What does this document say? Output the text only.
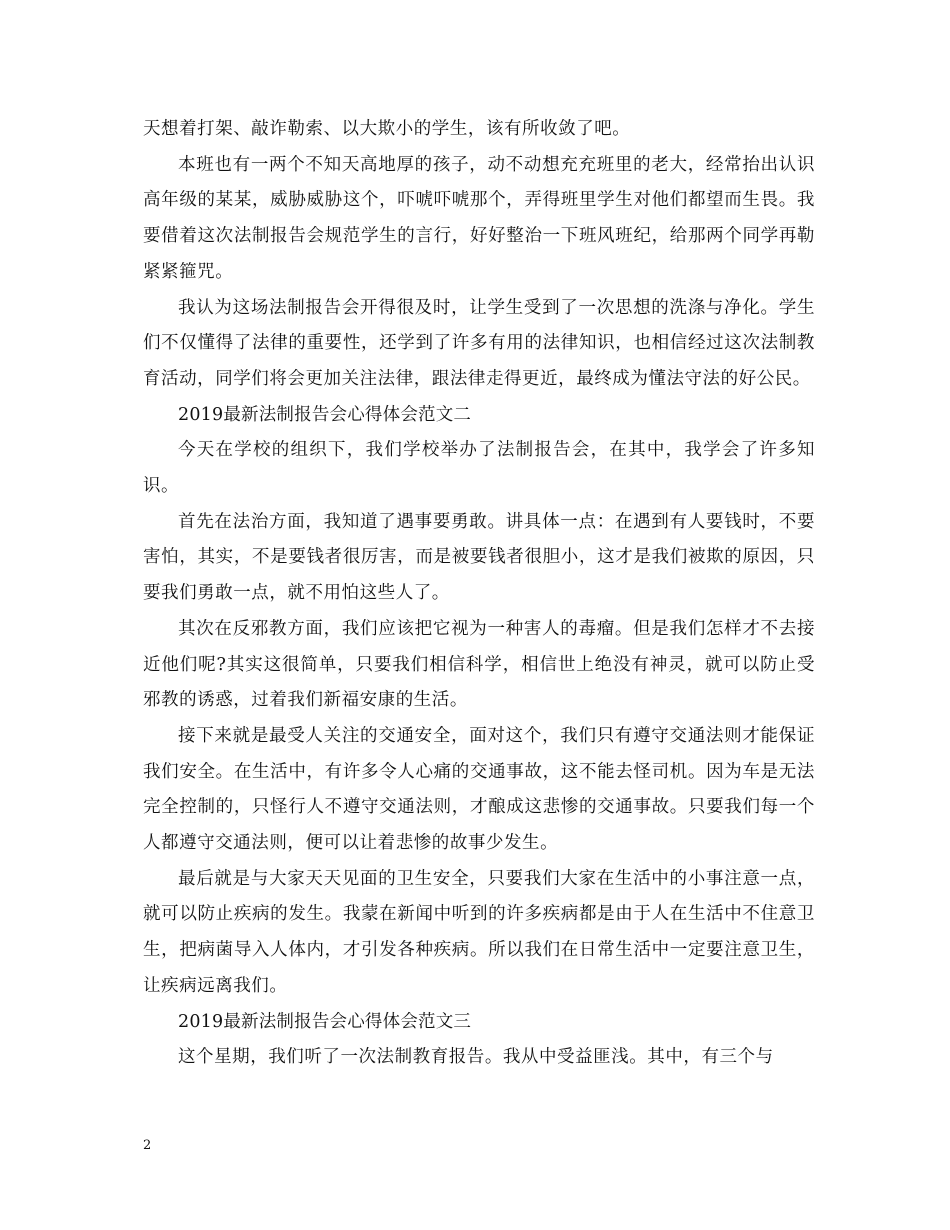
天想着打架、敲诈勒索、以大欺小的学生，该有所收敛了吧。

本班也有一两个不知天高地厚的孩子，动不动想充充班里的老大，经常抬出认识高年级的某某，威胁威胁这个，吓唬吓唬那个，弄得班里学生对他们都望而生畏。我要借着这次法制报告会规范学生的言行，好好整治一下班风班纪，给那两个同学再勒紧紧箍咒。

我认为这场法制报告会开得很及时，让学生受到了一次思想的洗涤与净化。学生们不仅懂得了法律的重要性，还学到了许多有用的法律知识，也相信经过这次法制教育活动，同学们将会更加关注法律，跟法律走得更近，最终成为懂法守法的好公民。

2019最新法制报告会心得体会范文二

今天在学校的组织下，我们学校举办了法制报告会，在其中，我学会了许多知识。

首先在法治方面，我知道了遇事要勇敢。讲具体一点：在遇到有人要钱时，不要害怕，其实，不是要钱者很厉害，而是被要钱者很胆小，这才是我们被欺的原因，只要我们勇敢一点，就不用怕这些人了。

其次在反邪教方面，我们应该把它视为一种害人的毒瘤。但是我们怎样才不去接近他们呢?其实这很简单，只要我们相信科学，相信世上绝没有神灵，就可以防止受邪教的诱惑，过着我们新福安康的生活。

接下来就是最受人关注的交通安全，面对这个，我们只有遵守交通法则才能保证我们安全。在生活中，有许多令人心痛的交通事故，这不能去怪司机。因为车是无法完全控制的，只怪行人不遵守交通法则，才酿成这悲惨的交通事故。只要我们每一个人都遵守交通法则，便可以让着悲惨的故事少发生。

最后就是与大家天天见面的卫生安全，只要我们大家在生活中的小事注意一点，就可以防止疾病的发生。我蒙在新闻中听到的许多疾病都是由于人在生活中不住意卫生，把病菌导入人体内，才引发各种疾病。所以我们在日常生活中一定要注意卫生，让疾病远离我们。

2019最新法制报告会心得体会范文三

这个星期，我们听了一次法制教育报告。我从中受益匪浅。其中，有三个与

2
